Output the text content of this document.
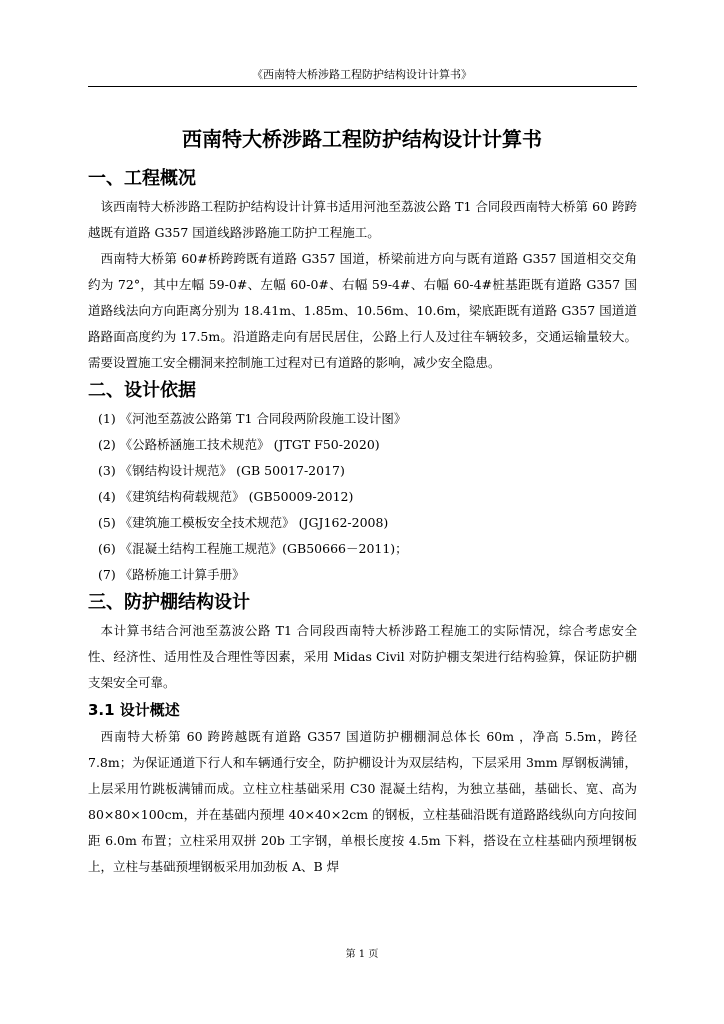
《西南特大桥涉路工程防护结构设计计算书》
西南特大桥涉路工程防护结构设计计算书
一、工程概况

该西南特大桥涉路工程防护结构设计计算书适用河池至荔波公路 T1 合同段西南特大桥第 60 跨跨越既有道路 G357 国道线路涉路施工防护工程施工。

西南特大桥第 60#桥跨跨既有道路 G357 国道，桥梁前进方向与既有道路 G357 国道相交交角约为 72°，其中左幅 59-0#、左幅 60-0#、右幅 59-4#、右幅 60-4#桩基距既有道路 G357 国道路线法向方向距离分别为 18.41m、1.85m、10.56m、10.6m，梁底距既有道路 G357 国道道路路面高度约为 17.5m。沿道路走向有居民居住，公路上行人及过往车辆较多，交通运输量较大。需要设置施工安全棚洞来控制施工过程对已有道路的影响，减少安全隐患。

二、设计依据
(1) 《河池至荔波公路第 T1 合同段两阶段施工设计图》
(2) 《公路桥涵施工技术规范》 (JTGT F50-2020)
(3) 《钢结构设计规范》 (GB 50017-2017)
(4) 《建筑结构荷载规范》 (GB50009-2012)
(5) 《建筑施工模板安全技术规范》 (JGJ162-2008)
(6) 《混凝土结构工程施工规范》(GB50666－2011)；
(7) 《路桥施工计算手册》
三、防护棚结构设计

本计算书结合河池至荔波公路 T1 合同段西南特大桥涉路工程施工的实际情况，综合考虑安全性、经济性、适用性及合理性等因素，采用 Midas Civil 对防护棚支架进行结构验算，保证防护棚支架安全可靠。

3.1 设计概述

西南特大桥第 60 跨跨越既有道路 G357 国道防护棚棚洞总体长 60m ，净高 5.5m，跨径 7.8m；为保证通道下行人和车辆通行安全，防护棚设计为双层结构，下层采用 3mm 厚钢板满铺，上层采用竹跳板满铺而成。立柱立柱基础采用 C30 混凝土结构，为独立基础，基础长、宽、高为 80×80×100cm，并在基础内预埋 40×40×2cm 的钢板，立柱基础沿既有道路路线纵向方向按间距 6.0m 布置；立柱采用双拼 20b 工字钢，单根长度按 4.5m 下料，搭设在立柱基础内预埋钢板上，立柱与基础预埋钢板采用加劲板 A、B 焊

第 1 页
